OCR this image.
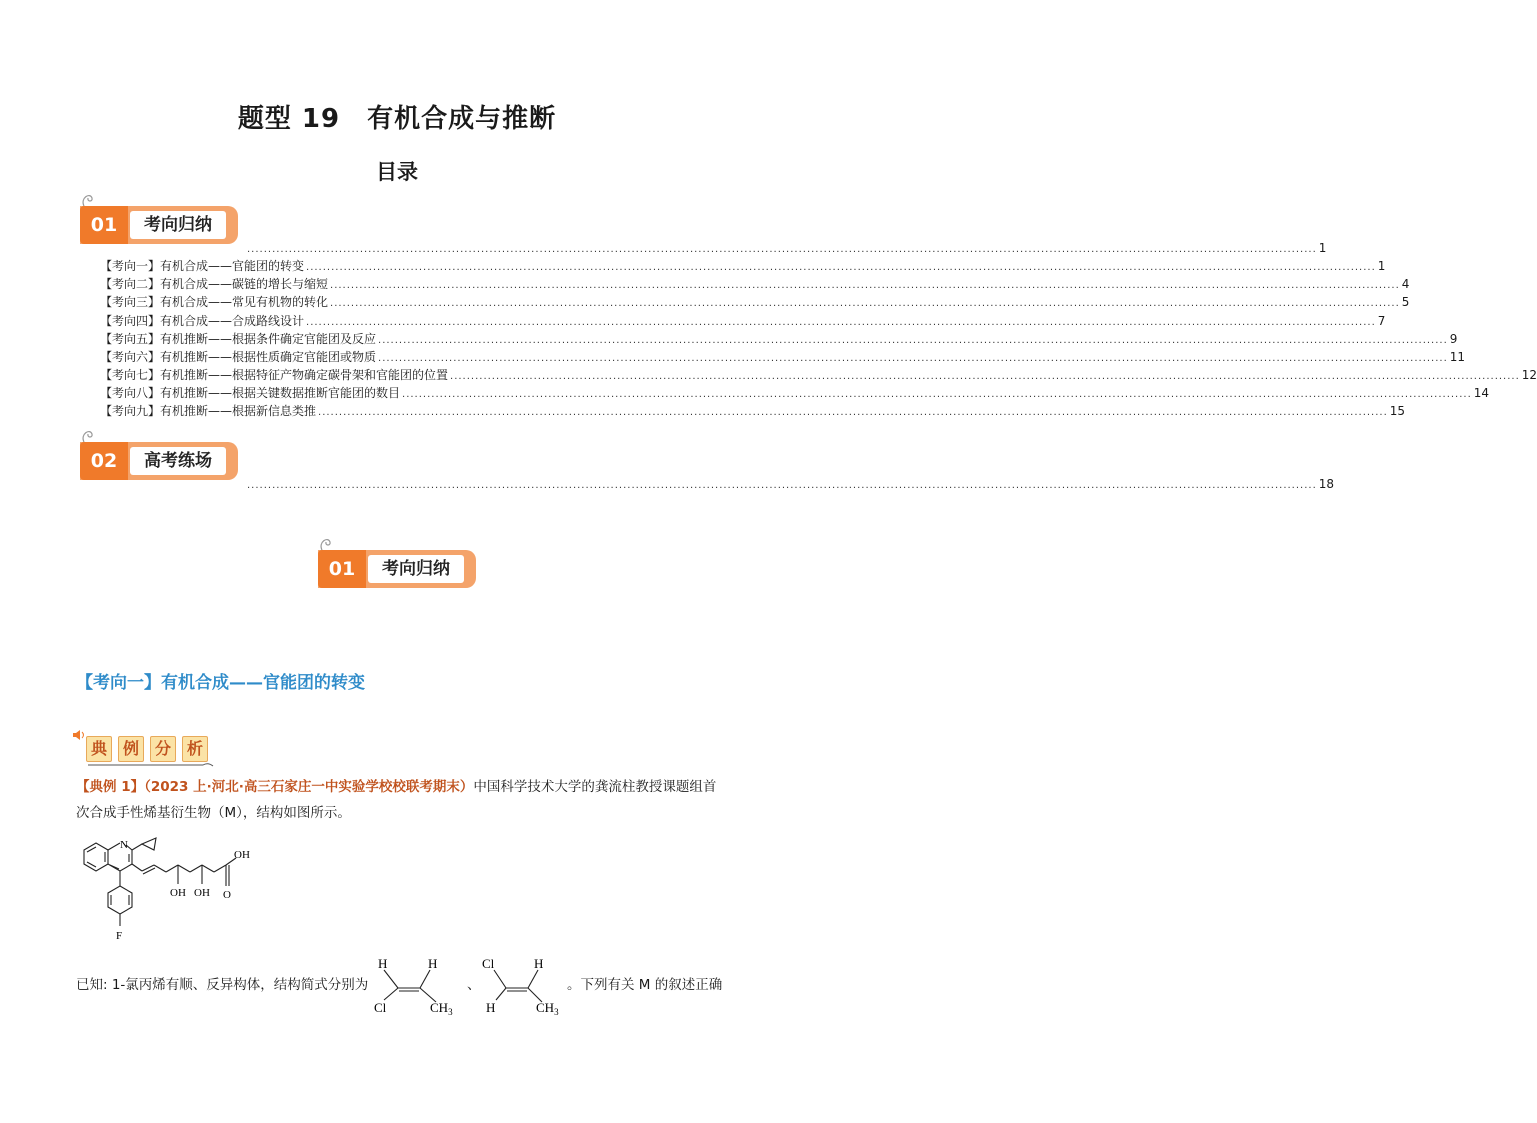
题型 19　有机合成与推断
目录
01	考向归纳
................................................................................................................................................................................................................................................................ 1
【考向一】有机合成——官能团的转变 ................................................................................................................................................................................................................................................................ 1
【考向二】有机合成——碳链的增长与缩短 ................................................................................................................................................................................................................................................................ 4
【考向三】有机合成——常见有机物的转化 ................................................................................................................................................................................................................................................................ 5
【考向四】有机合成——合成路线设计 ................................................................................................................................................................................................................................................................ 7
【考向五】有机推断——根据条件确定官能团及反应 ................................................................................................................................................................................................................................................................ 9
【考向六】有机推断——根据性质确定官能团或物质 ................................................................................................................................................................................................................................................................ 11
【考向七】有机推断——根据特征产物确定碳骨架和官能团的位置 ................................................................................................................................................................................................................................................................ 12
【考向八】有机推断——根据关键数据推断官能团的数目 ................................................................................................................................................................................................................................................................ 14
【考向九】有机推断——根据新信息类推 ................................................................................................................................................................................................................................................................ 15
02	高考练场
................................................................................................................................................................................................................................................................ 18
01	考向归纳
【考向一】有机合成——官能团的转变
典 例 分 析
【典例 1】（2023 上·河北·高三石家庄一中实验学校校联考期末）中国科学技术大学的龚流柱教授课题组首次合成手性烯基衍生物（M），结构如图所示。
N
OH OH O
OH
F
已知: 1-氯丙烯有顺、反异构体，结构简式分别为
H	H
Cl	$CH_3$
、
Cl	H
H	$CH_3$
。下列有关 M 的叙述正确
